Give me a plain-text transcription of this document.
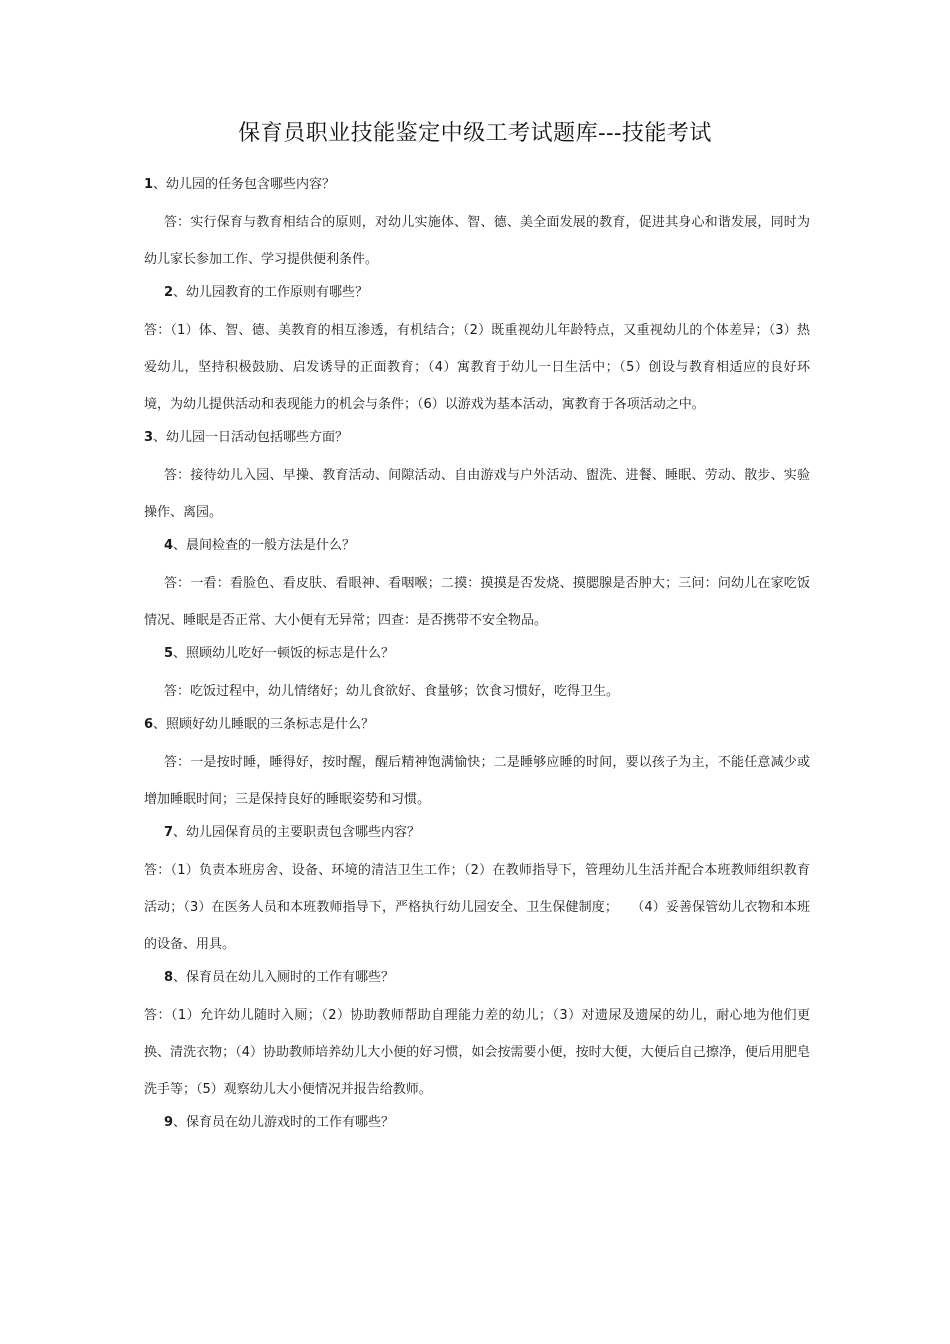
保育员职业技能鉴定中级工考试题库---技能考试
1、幼儿园的任务包含哪些内容？
答：实行保育与教育相结合的原则，对幼儿实施体、智、德、美全面发展的教育，促进其身心和谐发展，同时为幼儿家长参加工作、学习提供便利条件。
2、幼儿园教育的工作原则有哪些？
答：（1）体、智、德、美教育的相互渗透，有机结合；（2）既重视幼儿年龄特点，又重视幼儿的个体差异；（3）热爱幼儿，坚持积极鼓励、启发诱导的正面教育；（4）寓教育于幼儿一日生活中；（5）创设与教育相适应的良好环境，为幼儿提供活动和表现能力的机会与条件；（6）以游戏为基本活动，寓教育于各项活动之中。
3、幼儿园一日活动包括哪些方面？
答：接待幼儿入园、早操、教育活动、间隙活动、自由游戏与户外活动、盥洗、进餐、睡眠、劳动、散步、实验操作、离园。
4、晨间检查的一般方法是什么？
答：一看：看脸色、看皮肤、看眼神、看咽喉；二摸：摸摸是否发烧、摸腮腺是否肿大；三问：问幼儿在家吃饭情况、睡眠是否正常、大小便有无异常；四查：是否携带不安全物品。
5、照顾幼儿吃好一顿饭的标志是什么？
答：吃饭过程中，幼儿情绪好；幼儿食欲好、食量够；饮食习惯好，吃得卫生。
6、照顾好幼儿睡眠的三条标志是什么？
答：一是按时睡，睡得好，按时醒，醒后精神饱满愉快；二是睡够应睡的时间，要以孩子为主，不能任意减少或增加睡眠时间；三是保持良好的睡眠姿势和习惯。
7、幼儿园保育员的主要职责包含哪些内容？
答：（1）负责本班房舍、设备、环境的清洁卫生工作；（2）在教师指导下，管理幼儿生活并配合本班教师组织教育活动；（3）在医务人员和本班教师指导下，严格执行幼儿园安全、卫生保健制度；　　（4）妥善保管幼儿衣物和本班的设备、用具。
8、保育员在幼儿入厕时的工作有哪些？
答：（1）允许幼儿随时入厕；（2）协助教师帮助自理能力差的幼儿；（3）对遗尿及遗屎的幼儿，耐心地为他们更换、清洗衣物；（4）协助教师培养幼儿大小便的好习惯，如会按需要小便，按时大便，大便后自己擦净，便后用肥皂洗手等；（5）观察幼儿大小便情况并报告给教师。
9、保育员在幼儿游戏时的工作有哪些？
